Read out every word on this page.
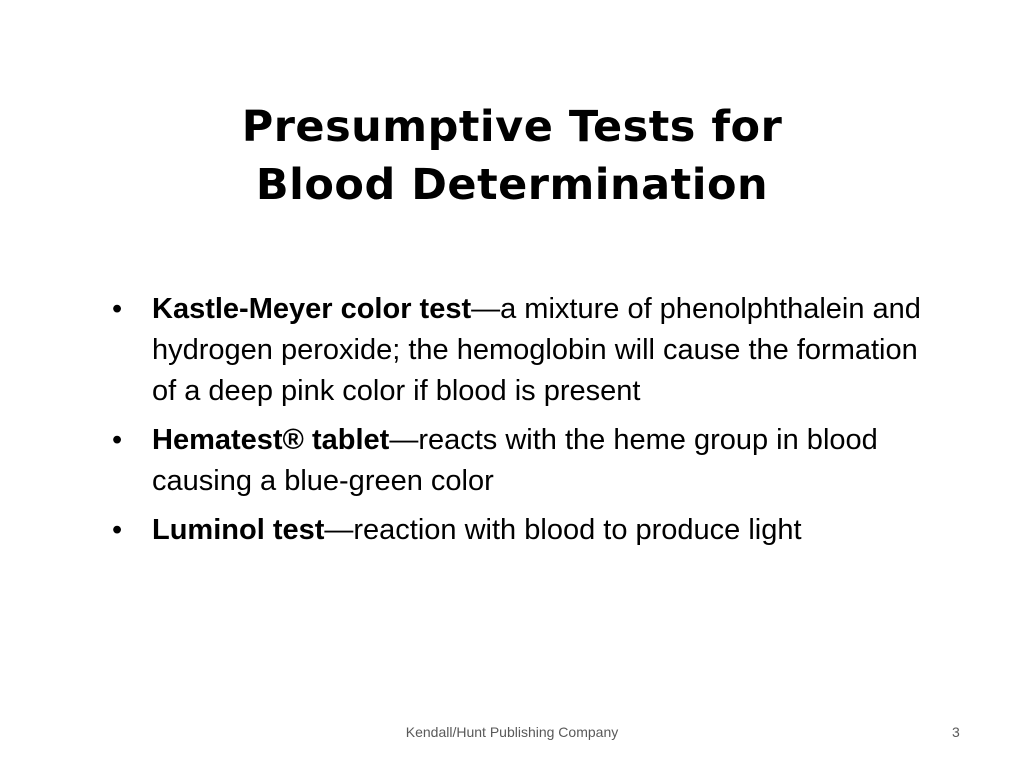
Presumptive Tests for
Blood Determination
• Kastle-Meyer color test—a mixture of phenolphthalein and hydrogen peroxide; the hemoglobin will cause the formation of a deep pink color if blood is present
• Hematest® tablet—reacts with the heme group in blood causing a blue-green color
• Luminol test—reaction with blood to produce light
Kendall/Hunt Publishing Company	3
